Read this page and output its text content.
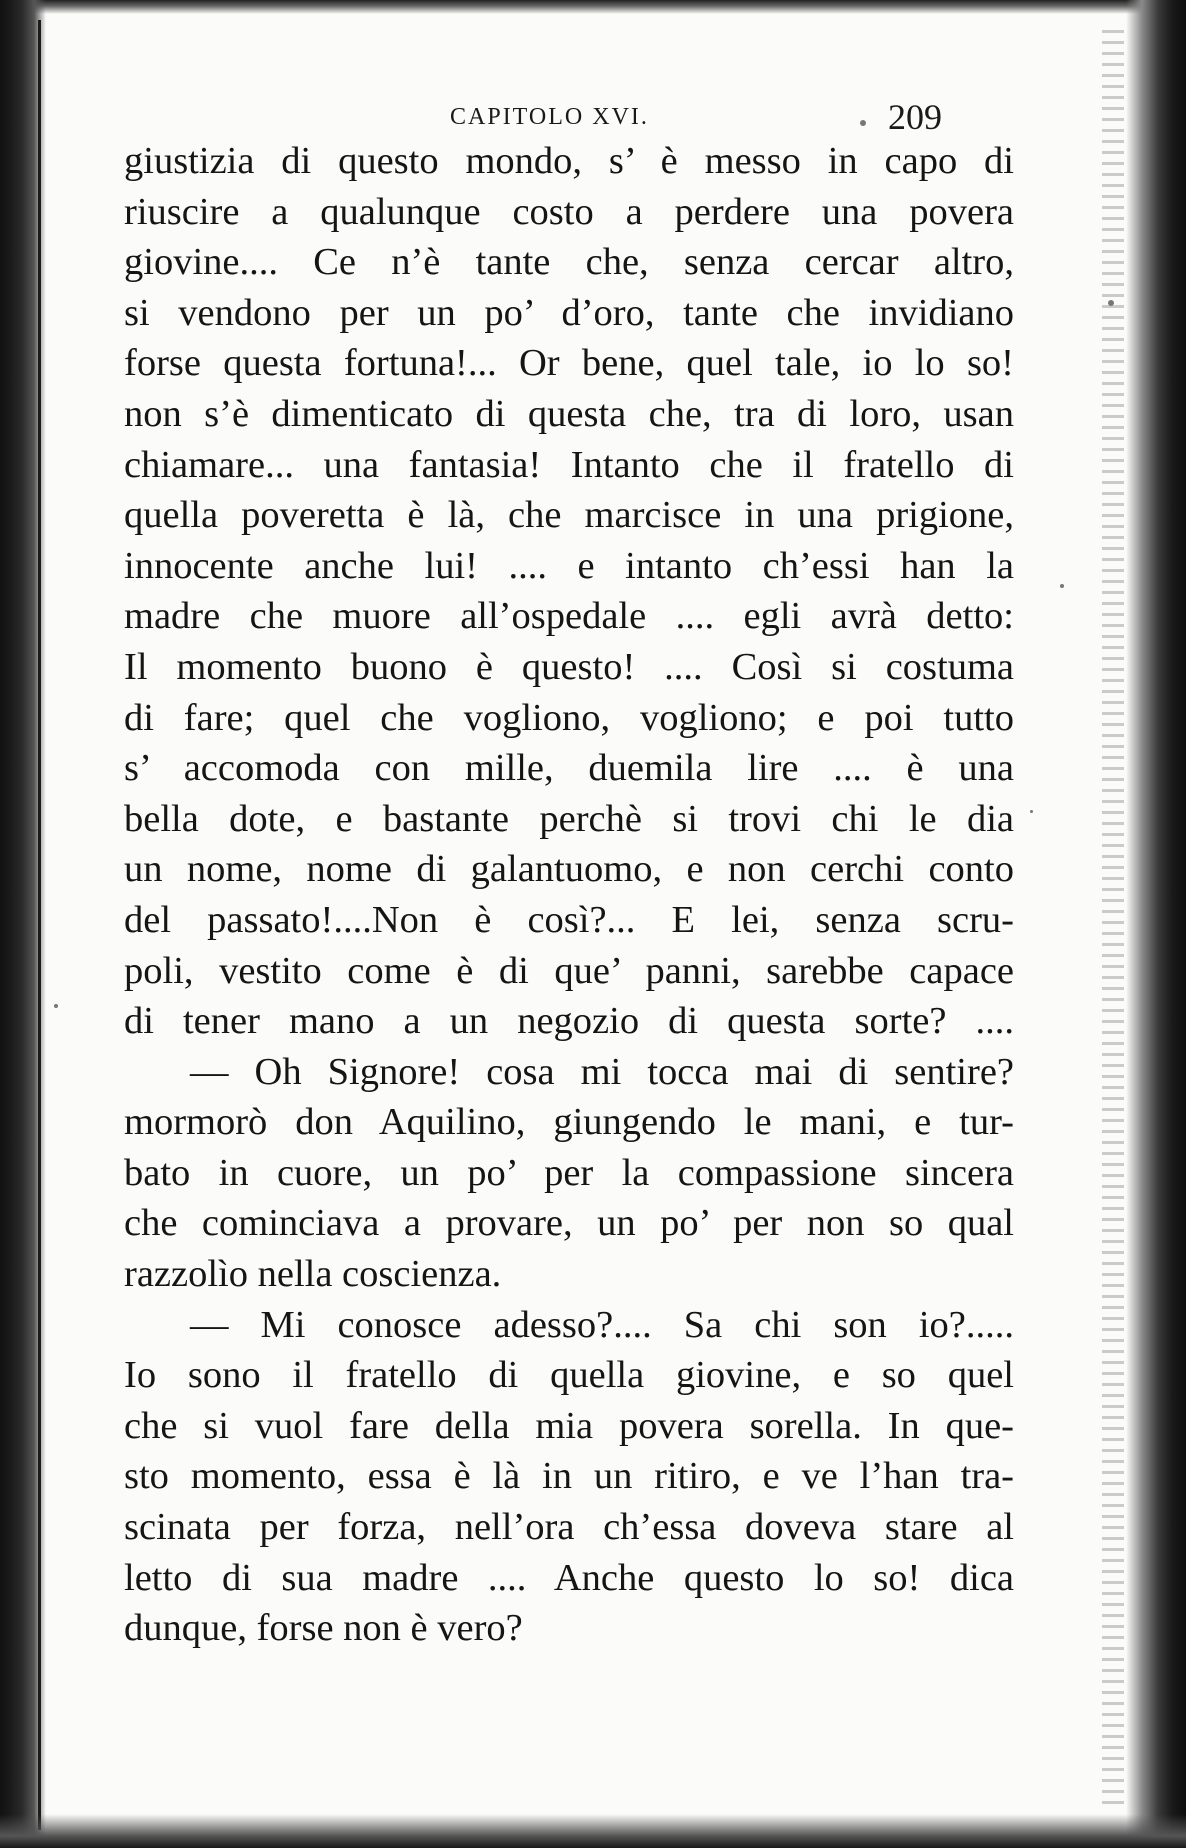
CAPITOLO XVI.	209
giustizia di questo mondo, s’ è messo in capo di
riuscire a qualunque costo a perdere una povera
giovine.... Ce n’è tante che, senza cercar altro,
si vendono per un po’ d’oro, tante che invidiano
forse questa fortuna!... Or bene, quel tale, io lo so!
non s’è dimenticato di questa che, tra di loro, usan
chiamare... una fantasia! Intanto che il fratello di
quella poveretta è là, che marcisce in una prigione,
innocente anche lui! .... e intanto ch’essi han la
madre che muore all’ospedale .... egli avrà detto:
Il momento buono è questo! .... Così si costuma
di fare; quel che vogliono, vogliono; e poi tutto
s’ accomoda con mille, duemila lire .... è una
bella dote, e bastante perchè si trovi chi le dia
un nome, nome di galantuomo, e non cerchi conto
del passato!....Non è così?... E lei, senza scru-
poli, vestito come è di que’ panni, sarebbe capace
di tener mano a un negozio di questa sorte? ....
— Oh Signore! cosa mi tocca mai di sentire?
mormorò don Aquilino, giungendo le mani, e tur-
bato in cuore, un po’ per la compassione sincera
che cominciava a provare, un po’ per non so qual
razzolìo nella coscienza.
— Mi conosce adesso?.... Sa chi son io?.....
Io sono il fratello di quella giovine, e so quel
che si vuol fare della mia povera sorella. In que-
sto momento, essa è là in un ritiro, e ve l’han tra-
scinata per forza, nell’ora ch’essa doveva stare al
letto di sua madre .... Anche questo lo so! dica
dunque, forse non è vero?
